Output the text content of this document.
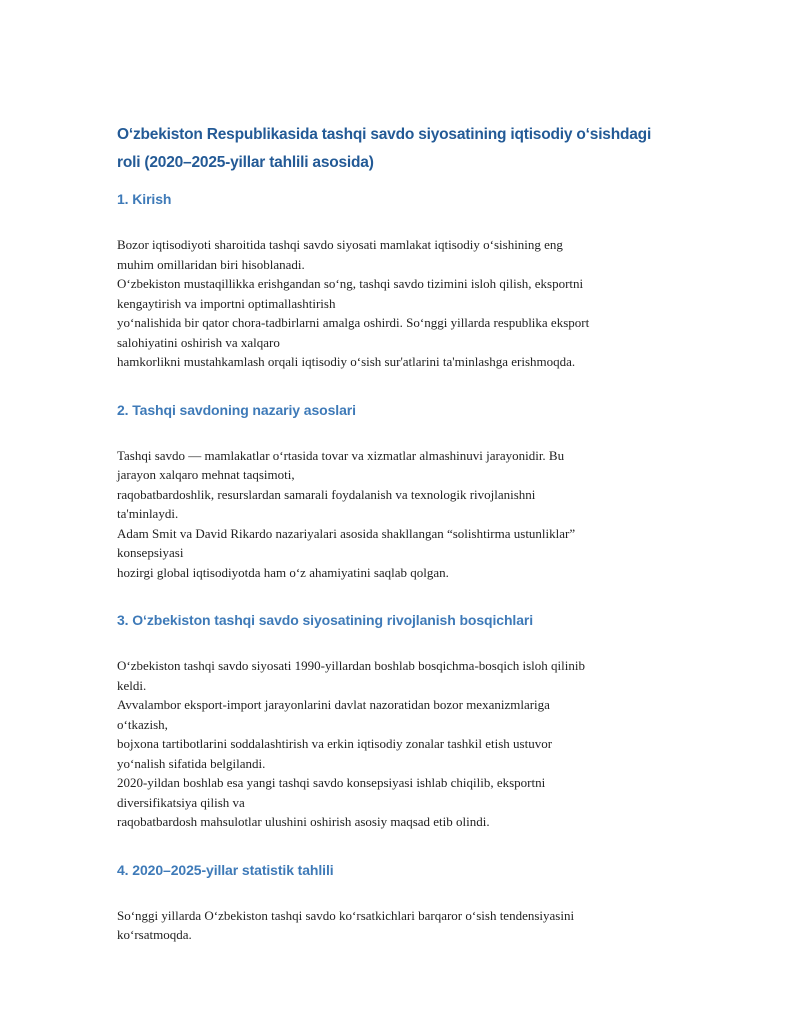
Oʻzbekiston Respublikasida tashqi savdo siyosatining iqtisodiy oʻsishdagi
roli (2020–2025-yillar tahlili asosida)
1. Kirish

Bozor iqtisodiyoti sharoitida tashqi savdo siyosati mamlakat iqtisodiy oʻsishining eng
muhim omillaridan biri hisoblanadi.
Oʻzbekiston mustaqillikka erishgandan soʻng, tashqi savdo tizimini isloh qilish, eksportni
kengaytirish va importni optimallashtirish
yoʻnalishida bir qator chora-tadbirlarni amalga oshirdi. Soʻnggi yillarda respublika eksport
salohiyatini oshirish va xalqaro
hamkorlikni mustahkamlash orqali iqtisodiy oʻsish sur'atlarini ta'minlashga erishmoqda.

2. Tashqi savdoning nazariy asoslari

Tashqi savdo — mamlakatlar oʻrtasida tovar va xizmatlar almashinuvi jarayonidir. Bu
jarayon xalqaro mehnat taqsimoti,
raqobatbardoshlik, resurslardan samarali foydalanish va texnologik rivojlanishni
ta'minlaydi.
Adam Smit va David Rikardo nazariyalari asosida shakllangan “solishtirma ustunliklar”
konsepsiyasi
hozirgi global iqtisodiyotda ham oʻz ahamiyatini saqlab qolgan.

3. Oʻzbekiston tashqi savdo siyosatining rivojlanish bosqichlari

Oʻzbekiston tashqi savdo siyosati 1990-yillardan boshlab bosqichma-bosqich isloh qilinib
keldi.
Avvalambor eksport-import jarayonlarini davlat nazoratidan bozor mexanizmlariga
oʻtkazish,
bojxona tartibotlarini soddalashtirish va erkin iqtisodiy zonalar tashkil etish ustuvor
yoʻnalish sifatida belgilandi.
2020-yildan boshlab esa yangi tashqi savdo konsepsiyasi ishlab chiqilib, eksportni
diversifikatsiya qilish va
raqobatbardosh mahsulotlar ulushini oshirish asosiy maqsad etib olindi.

4. 2020–2025-yillar statistik tahlili

Soʻnggi yillarda Oʻzbekiston tashqi savdo koʻrsatkichlari barqaror oʻsish tendensiyasini
koʻrsatmoqda.
